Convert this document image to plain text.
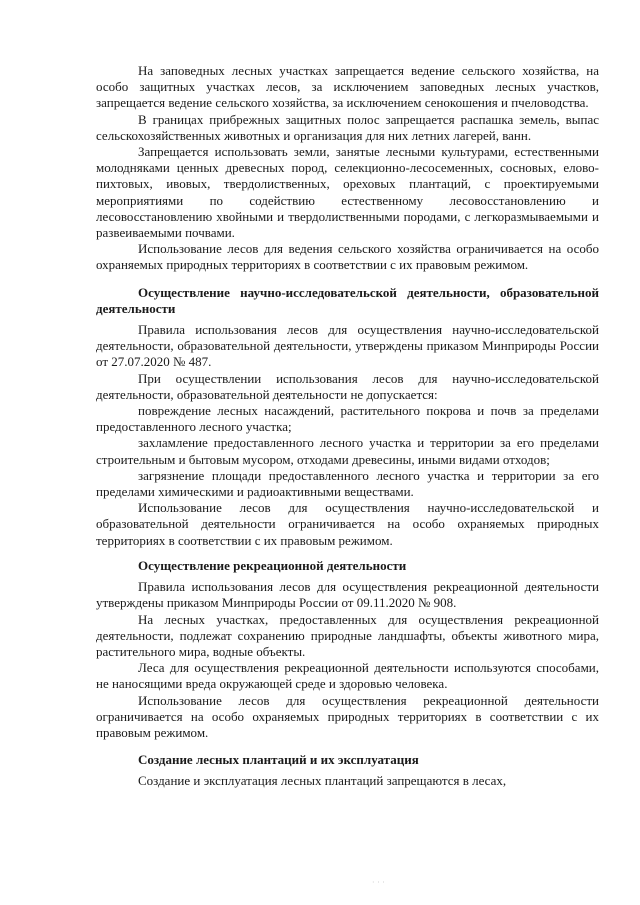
На заповедных лесных участках запрещается ведение сельского хозяйства, на особо защитных участках лесов, за исключением заповедных лесных участков, запрещается ведение сельского хозяйства, за исключением сенокошения и пчеловодства.

В границах прибрежных защитных полос запрещается распашка земель, выпас сельскохозяйственных животных и организация для них летних лагерей, ванн.

Запрещается использовать земли, занятые лесными культурами, естественными молодняками ценных древесных пород, селекционно-лесосеменных, сосновых, елово-пихтовых, ивовых, твердолиственных, ореховых плантаций, с проектируемыми мероприятиями по содействию естественному лесовосстановлению и лесовосстановлению хвойными и твердолиственными породами, с легкоразмываемыми и развеиваемыми почвами.

Использование лесов для ведения сельского хозяйства ограничивается на особо охраняемых природных территориях в соответствии с их правовым режимом.

Осуществление научно-исследовательской деятельности, образовательной деятельности

Правила использования лесов для осуществления научно-исследовательской деятельности, образовательной деятельности, утверждены приказом Минприроды России от 27.07.2020 № 487.

При осуществлении использования лесов для научно-исследовательской деятельности, образовательной деятельности не допускается:

повреждение лесных насаждений, растительного покрова и почв за пределами предоставленного лесного участка;

захламление предоставленного лесного участка и территории за его пределами строительным и бытовым мусором, отходами древесины, иными видами отходов;

загрязнение площади предоставленного лесного участка и территории за его пределами химическими и радиоактивными веществами.

Использование лесов для осуществления научно-исследовательской и образовательной деятельности ограничивается на особо охраняемых природных территориях в соответствии с их правовым режимом.

Осуществление рекреационной деятельности

Правила использования лесов для осуществления рекреационной деятельности утверждены приказом Минприроды России от 09.11.2020 № 908.

На лесных участках, предоставленных для осуществления рекреационной деятельности, подлежат сохранению природные ландшафты, объекты животного мира, растительного мира, водные объекты.

Леса для осуществления рекреационной деятельности используются способами, не наносящими вреда окружающей среде и здоровью человека.

Использование лесов для осуществления рекреационной деятельности ограничивается на особо охраняемых природных территориях в соответствии с их правовым режимом.

Создание лесных плантаций и их эксплуатация

Создание и эксплуатация лесных плантаций запрещаются в лесах,

· · ·
